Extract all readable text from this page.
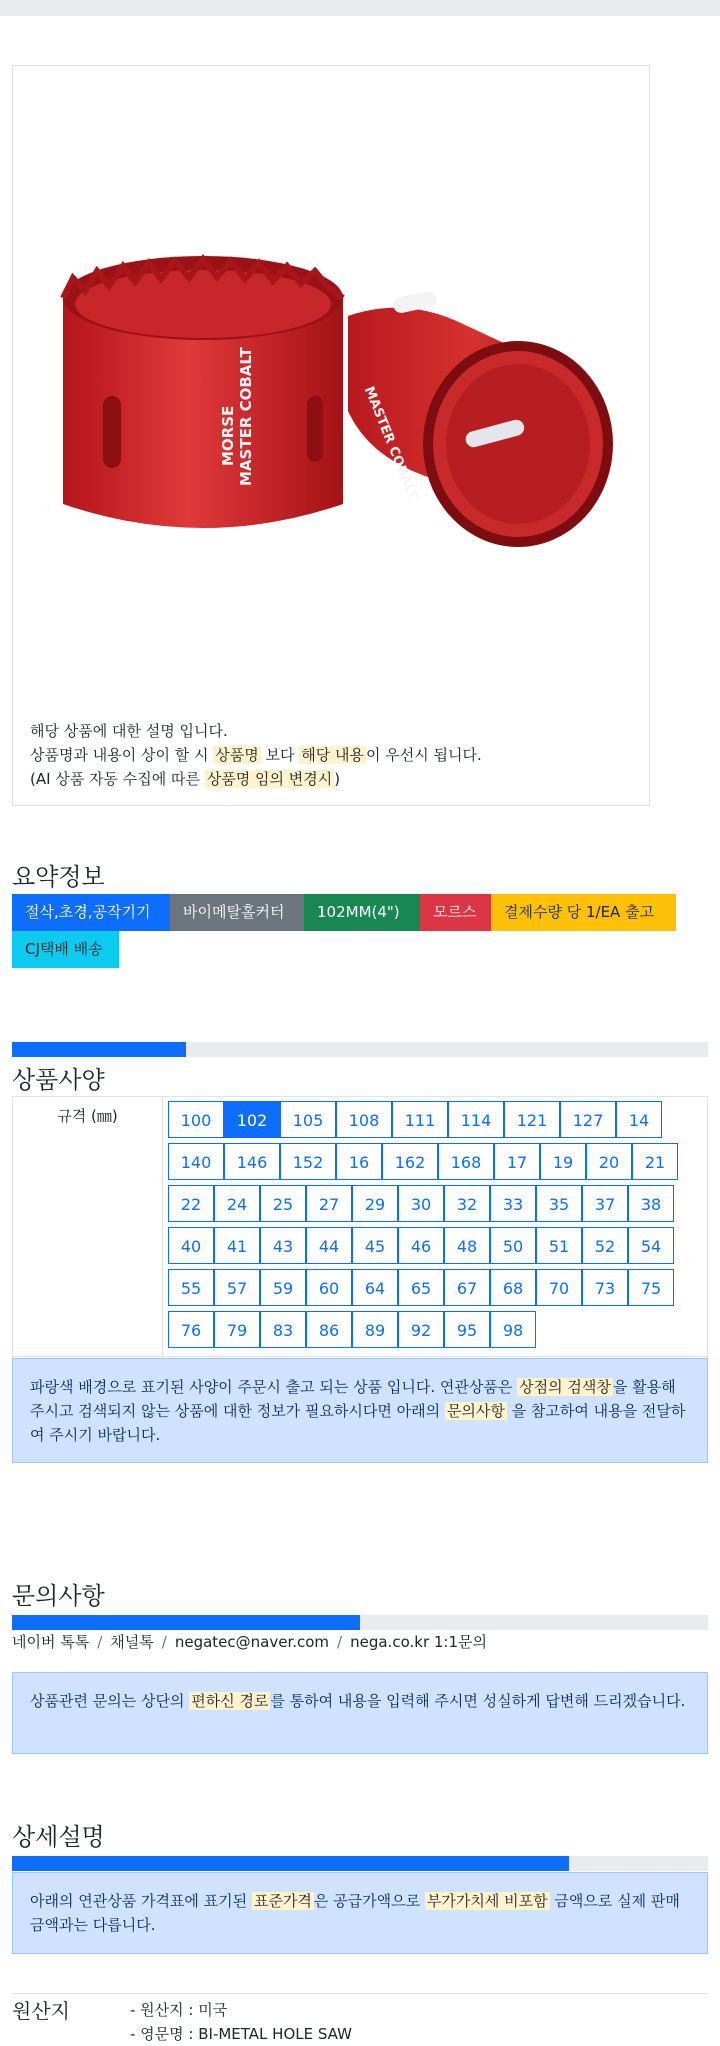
MASTER COBALT
MASTER COBALT
MORSE
해당 상품에 대한 설명 입니다.
상품명과 내용이 상이 할 시 상품명 보다 해당 내용 이 우선시 됩니다.
(AI 상품 자동 수집에 따른 상품명 임의 변경시 )
요약정보
절삭,초경,공작기기	바이메탈홀커터	102MM(4")	모르스	결제수량 당 1/EA 출고
CJ택배 배송
상품사양
규격 (㎜)	100	102	105	108	111	114	121	127	14
140	146	152	16	162	168	17	19	20	21
22	24	25	27	29	30	32	33	35	37	38
40	41	43	44	45	46	48	50	51	52	54
55	57	59	60	64	65	67	68	70	73	75
76	79	83	86	89	92	95	98
파랑색 배경으로 표기된 사양이 주문시 출고 되는 상품 입니다. 연관상품은 상점의 검색창 을 활용해 주시고 검색되지 않는 상품에 대한 정보가 필요하시다면 아래의 문의사항 을 참고하여 내용을 전달하여 주시기 바랍니다.
문의사항
네이버 톡톡 / 채널톡 / negatec@naver.com / nega.co.kr 1:1문의
상품관련 문의는 상단의 편하신 경로 를 통하여 내용을 입력해 주시면 성실하게 답변해 드리겠습니다.
상세설명
아래의 연관상품 가격표에 표기된 표준가격 은 공급가액으로 부가가치세 비포함 금액으로 실제 판매금액과는 다릅니다.
원산지	- 원산지 : 미국
- 영문명 : BI-METAL HOLE SAW
